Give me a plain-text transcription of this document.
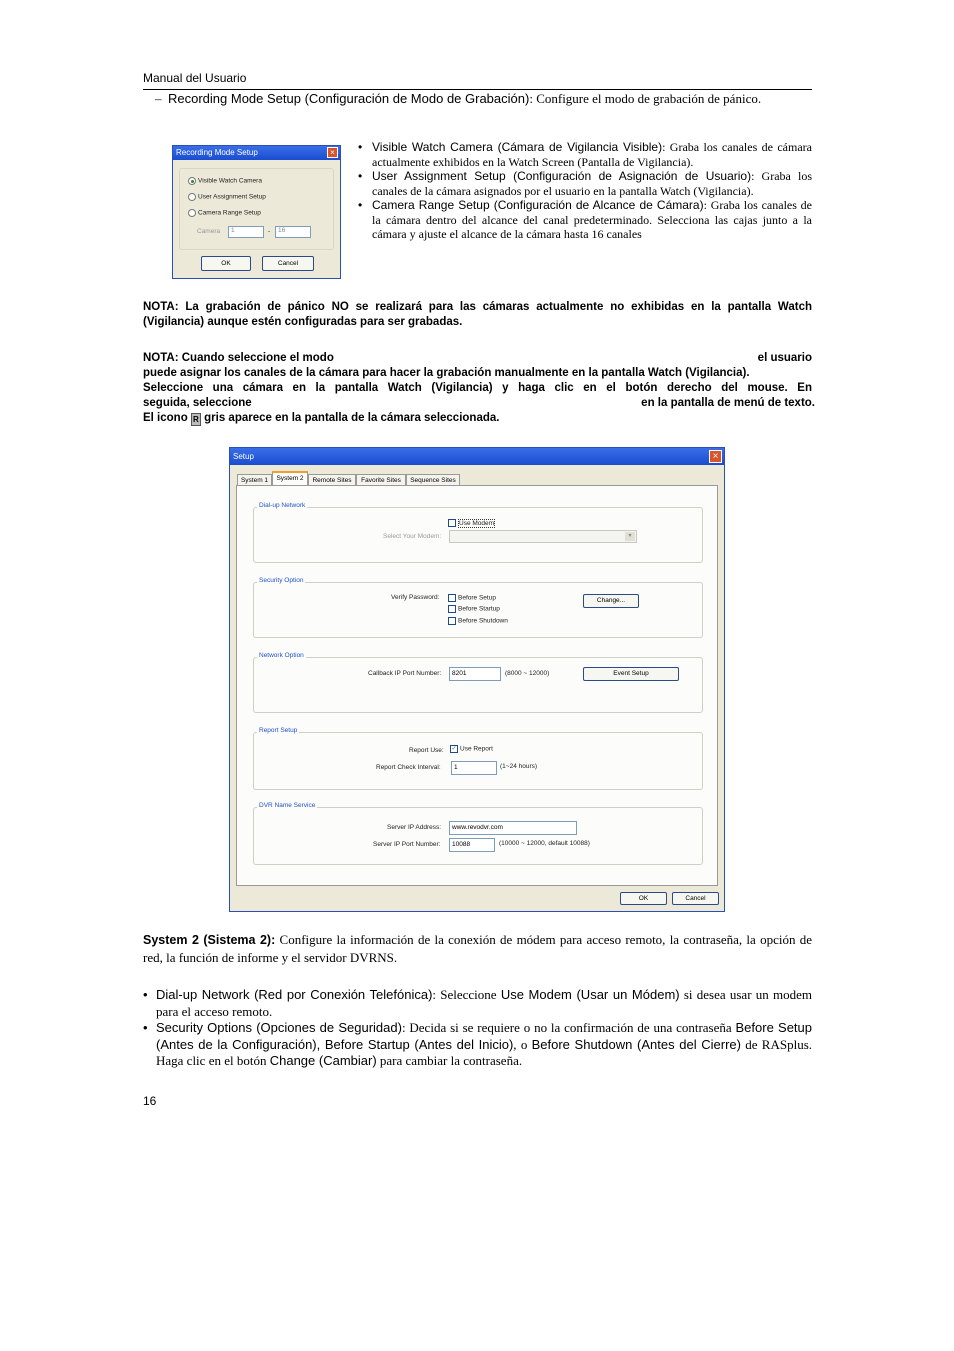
Manual del Usuario
– Recording Mode Setup (Configuración de Modo de Grabación): Configure el modo de grabación de pánico.
Recording Mode Setup	×
Visible Watch Camera
User Assignment Setup
Camera Range Setup
Camera	1	-	16
OK	Cancel
• Visible Watch Camera (Cámara de Vigilancia Visible): Graba los canales de cámara actualmente exhibidos en la Watch Screen (Pantalla de Vigilancia).
• User Assignment Setup (Configuración de Asignación de Usuario): Graba los canales de la cámara asignados por el usuario en la pantalla Watch (Vigilancia).
• Camera Range Setup (Configuración de Alcance de Cámara): Graba los canales de la cámara dentro del alcance del canal predeterminado. Selecciona las cajas junto a la cámara y ajuste el alcance de la cámara hasta 16 canales
NOTA: La grabación de pánico NO se realizará para las cámaras actualmente no exhibidas en la pantalla Watch (Vigilancia) aunque estén configuradas para ser grabadas.
NOTA: Cuando seleccione el modo	el usuario
puede asignar los canales de la cámara para hacer la grabación manualmente en la pantalla Watch (Vigilancia).
Seleccione una cámara en la pantalla Watch (Vigilancia) y haga clic en el botón derecho del mouse. En
seguida, seleccione	en la pantalla de menú de texto.
El icono R gris aparece en la pantalla de la cámara seleccionada.
Setup	×
System 1	System 2	Remote Sites	Favorite Sites	Sequence Sites
Dial-up Network
Use Modem
Select Your Modem:	▾
Security Option
Verify Password:	Before Setup
Before Startup
Before Shutdown
Change...
Network Option
Callback IP Port Number:	8201	(8000 ~ 12000)	Event Setup
Report Setup
Report Use: ✓ Use Report
Report Check Interval:	1	(1~24 hours)
DVR Name Service
Server IP Address:	www.revodvr.com
Server IP Port Number:	10088	(10000 ~ 12000, default 10088)
OK	Cancel
System 2 (Sistema 2): Configure la información de la conexión de módem para acceso remoto, la contraseña, la opción de red, la función de informe y el servidor DVRNS.
• Dial-up Network (Red por Conexión Telefónica): Seleccione Use Modem (Usar un Módem) si desea usar un modem para el acceso remoto.
• Security Options (Opciones de Seguridad): Decida si se requiere o no la confirmación de una contraseña Before Setup (Antes de la Configuración), Before Startup (Antes del Inicio), o Before Shutdown (Antes del Cierre) de RASplus. Haga clic en el botón Change (Cambiar) para cambiar la contraseña.
16
